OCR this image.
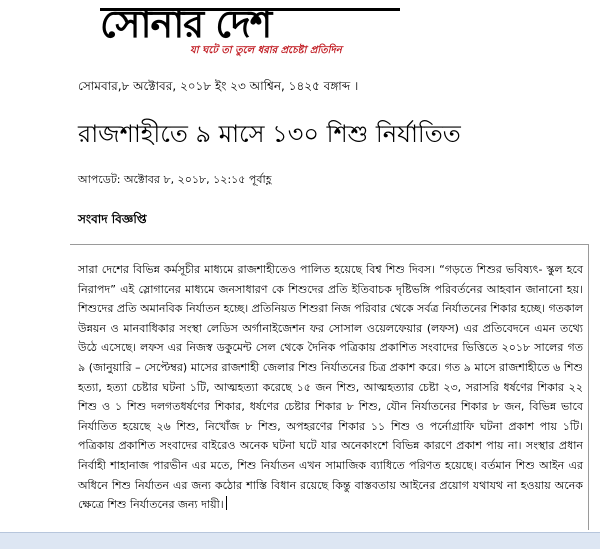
সোনার দেশ
যা ঘটে তা তুলে ধরার প্রচেষ্টা প্রতিদিন
সোমবার,৮ অক্টোবর, ২০১৮ ইং ২৩ আশ্বিন, ১৪২৫ বঙ্গাব্দ ।
রাজশাহীতে ৯ মাসে ১৩০ শিশু নির্যাতিত
আপডেট: অক্টোবর ৮, ২০১৮, ১২:১৫ পূর্বাহ্ণ
সংবাদ বিজ্ঞপ্তি

সারা দেশের বিভিন্ন কর্মসূচীর মাধ্যমে রাজশাহীতেও পালিত হয়েছে বিশ্ব শিশু দিবস। “গড়তে শিশুর ভবিষ্যৎ- স্কুল হবে নিরাপদ” এই স্লোগানের মাধ্যমে জনসাধারণ কে শিশুদের প্রতি ইতিবাচক দৃষ্টিভঙ্গি পরিবর্তনের আহবান জানানো হয়। শিশুদের প্রতি অমানবিক নির্যাতন হচ্ছে। প্রতিনিয়ত শিশুরা নিজ পরিবার থেকে সর্বত্র নির্যাতনের শিকার হচ্ছে। গতকাল উন্নয়ন ও মানবাধিকার সংস্থা লেডিস অর্গানাইজেশন ফর সোসাল ওয়েলফেয়ার (লফস) এর প্রতিবেদনে এমন তথ্যে উঠে এসেছে। লফস এর নিজস্ব ডকুমেন্ট সেল থেকে দৈনিক পত্রিকায় প্রকাশিত সংবাদের ভিত্তিতে ২০১৮ সালের গত ৯ (জানুয়ারি – সেপ্টেম্বর) মাসের রাজশাহী জেলার শিশু নির্যাতনের চিত্র প্রকাশ করে। গত ৯ মাসে রাজশাহীতে ৬ শিশু হত্যা, হত্যা চেষ্টার ঘটনা ১টি, আত্মহত্যা করেছে ১৫ জন শিশু, আত্মহত্যার চেষ্টা ২৩, সরাসরি ধর্ষণের শিকার ২২ শিশু ও ১ শিশু দলগতধর্ষণের শিকার, ধর্ষণের চেষ্টার শিকার ৮ শিশু, যৌন নির্যাতনের শিকার ৮ জন, বিভিন্ন ভাবে নির্যাতিত হয়েছে ২৬ শিশু, নিখোঁজ ৮ শিশু, অপহরণের শিকার ১১ শিশু ও পর্নোগ্রাফি ঘটনা প্রকাশ পায় ১টি। পত্রিকায় প্রকাশিত সংবাদের বাইরেও অনেক ঘটনা ঘটে যার অনেকাংশে বিভিন্ন কারণে প্রকাশ পায় না। সংস্থার প্রধান নির্বাহী শাহানাজ পারভীন এর মতে, শিশু নির্যাতন এখন সামাজিক ব্যাধিতে পরিণত হয়েছে। বর্তমান শিশু আইন এর অধিনে শিশু নির্যাতন এর জন্য কঠোর শাস্তি বিধান রয়েছে কিন্তু বাস্তবতায় আইনের প্রয়োগ যথাযথ না হওয়ায় অনেক ক্ষেত্রে শিশু নির্যাতনের জন্য দায়ী।
